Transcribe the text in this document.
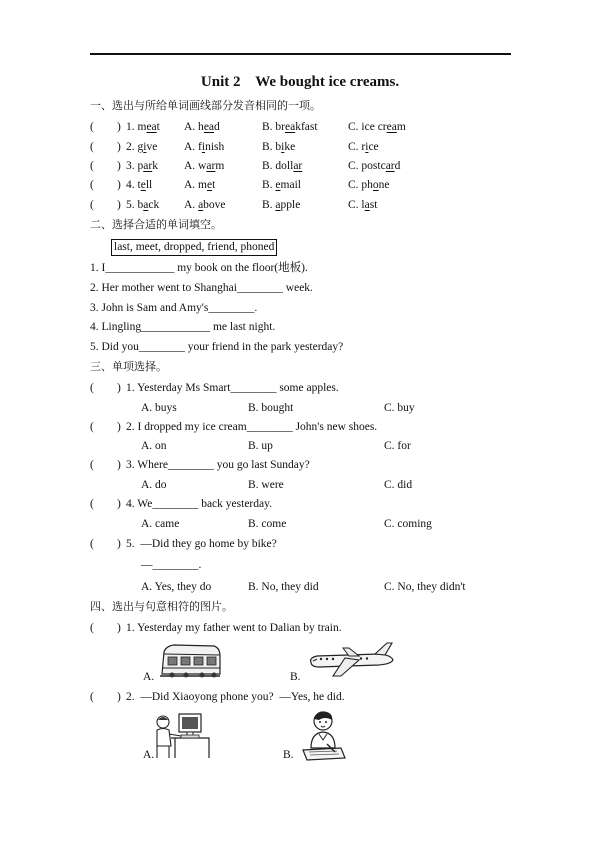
Unit 2    We bought ice creams.
一、选出与所给单词画线部分发音相同的一项。
( ) 1. meat A. head	B. breakfast	C. ice cream
( ) 2. give A. finish	B. bike	C. rice
( ) 3. park A. warm	B. dollar	C. postcard
( ) 4. tell	A. met	B. email	C. phone
( ) 5. back A. above	B. apple	C. last
二、选择合适的单词填空。
last, meet, dropped, friend, phoned
1. I____________ my book on the floor(地板).
2. Her mother went to Shanghai________ week.
3. John is Sam and Amy's________.
4. Lingling____________ me last night.
5. Did you________ your friend in the park yesterday?
三、单项选择。
( ) 1. Yesterday Ms Smart________ some apples.
A. buys	B. bought	C. buy
( ) 2. I dropped my ice cream________ John's new shoes.
A. on	B. up	C. for
( ) 3. Where________ you go last Sunday?
A. do	B. were	C. did
( ) 4. We________ back yesterday.
A. came	B. come	C. coming
( ) 5.  —Did they go home by bike?
—________.
A. Yes, they do	B. No, they did	C. No, they didn't
四、选出与句意相符的图片。
( ) 1. Yesterday my father went to Dalian by train.
A.	B.
( ) 2.  —Did Xiaoyong phone you?  —Yes, he did.
A.	B.
